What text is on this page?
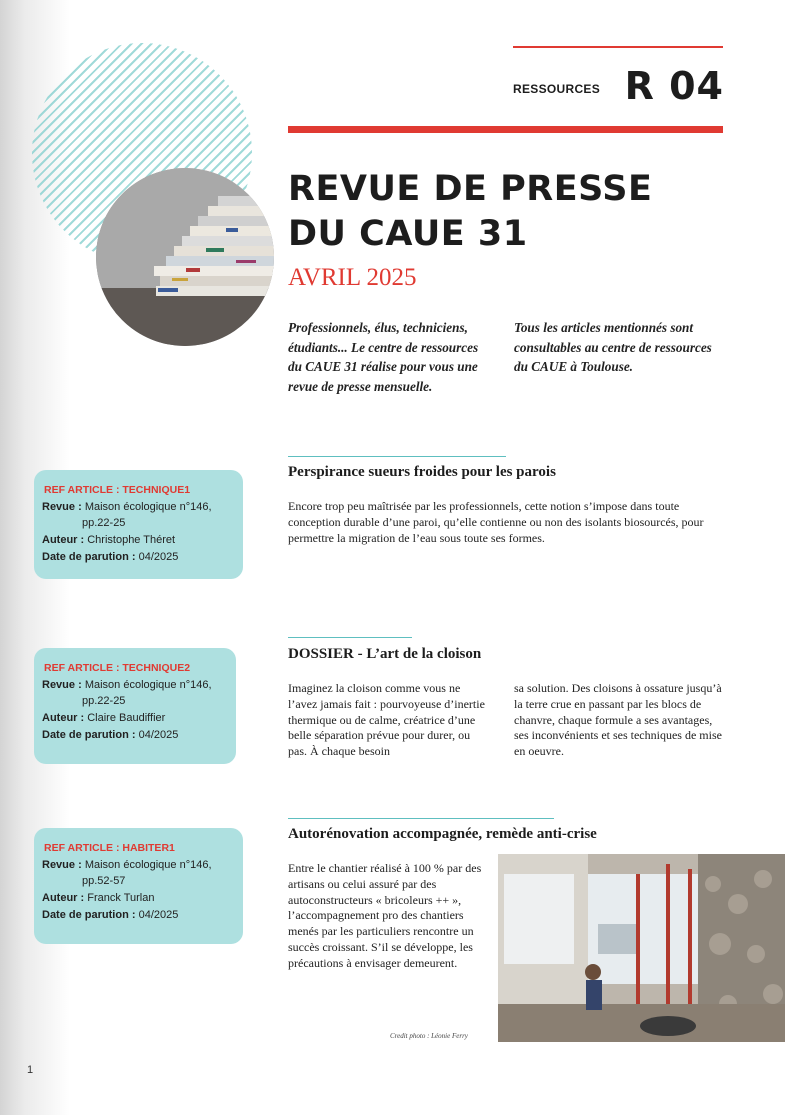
1
RESSOURCES R 04
REVUE DE PRESSE
DU CAUE 31
AVRIL 2025
Professionnels, élus, techniciens, étudiants... Le centre de ressources du CAUE 31 réalise pour vous une revue de presse mensuelle.
Tous les articles mentionnés sont consultables au centre de ressources du CAUE à Toulouse.
Perspirance sueurs froides pour les parois
Encore trop peu maîtrisée par les professionnels, cette notion s’impose dans toute conception durable d’une paroi, qu’elle contienne ou non des isolants biosourcés, pour permettre la migration de l’eau sous toute ses formes.
REF ARTICLE : TECHNIQUE1
Revue : Maison écologique n°146,
pp.22-25
Auteur : Christophe Théret
Date de parution : 04/2025
DOSSIER - L’art de la cloison
Imaginez la cloison comme vous ne l’avez jamais fait : pourvoyeuse d’inertie thermique ou de calme, créatrice d’une belle séparation prévue pour durer, ou pas. À chaque besoin
sa solution. Des cloisons à ossature jusqu’à la terre crue en passant par les blocs de chanvre, chaque formule a ses avantages, ses inconvénients et ses techniques de mise en oeuvre.
REF ARTICLE : TECHNIQUE2
Revue : Maison écologique n°146,
pp.22-25
Auteur : Claire Baudiffier
Date de parution : 04/2025
Autorénovation accompagnée, remède anti-crise
Entre le chantier réalisé à 100 % par des artisans ou celui assuré par des autoconstructeurs « bricoleurs ++ », l’accompagnement pro des chantiers menés par les particuliers rencontre un succès croissant. S’il se développe, les précautions à envisager demeurent.
REF ARTICLE : HABITER1
Revue : Maison écologique n°146,
pp.52-57
Auteur : Franck Turlan
Date de parution : 04/2025
Credit photo : Léonie Ferry
